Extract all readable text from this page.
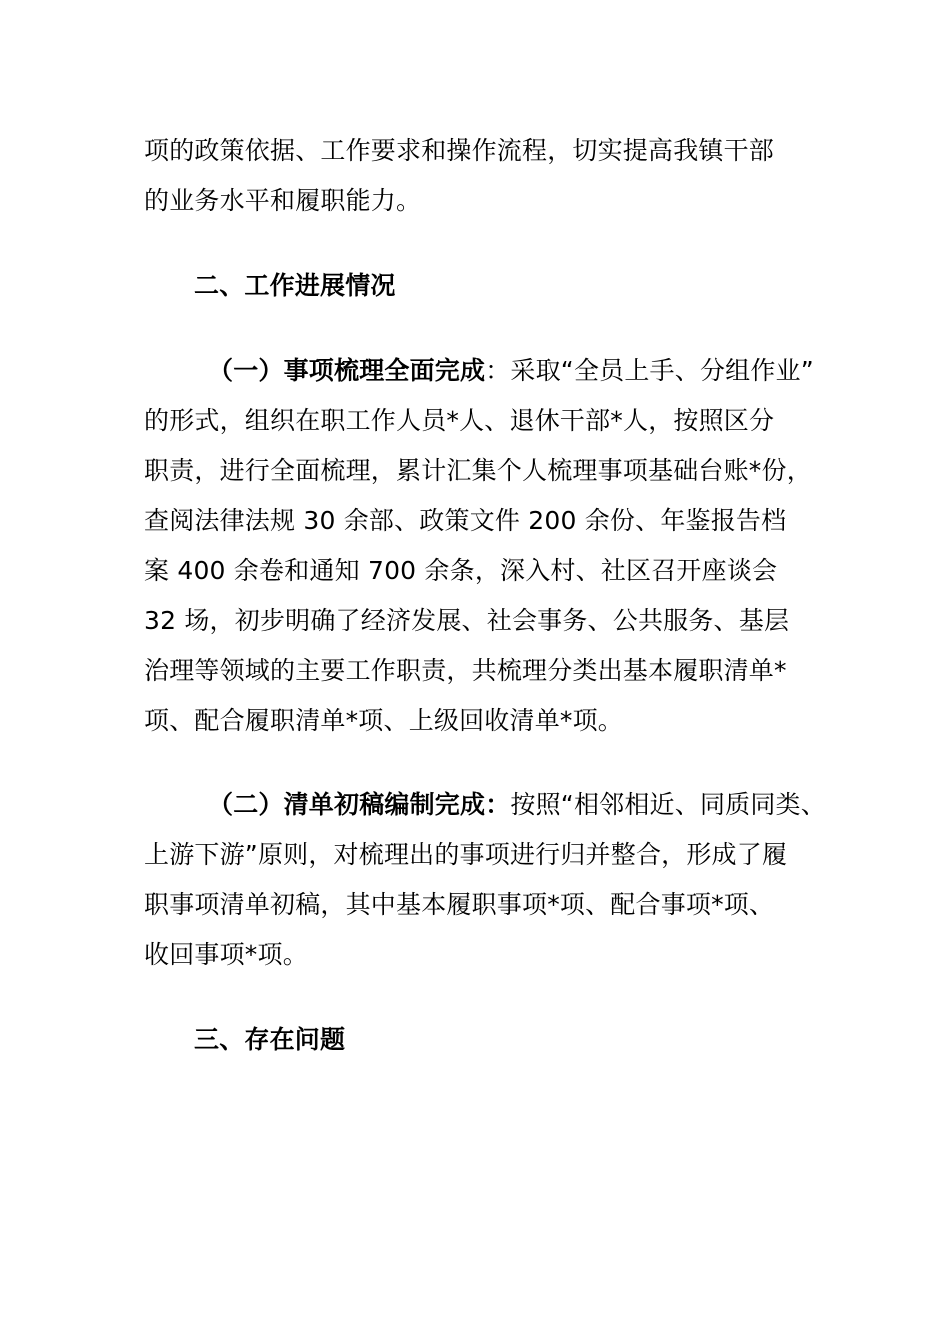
项的政策依据、工作要求和操作流程，切实提高我镇干部
的业务水平和履职能力。
二、工作进展情况
（一）事项梳理全面完成：采取“全员上手、分组作业”
的形式，组织在职工作人员*人、退休干部*人，按照区分
职责，进行全面梳理，累计汇集个人梳理事项基础台账*份，
查阅法律法规 30 余部、政策文件 200 余份、年鉴报告档
案 400 余卷和通知 700 余条，深入村、社区召开座谈会
32 场，初步明确了经济发展、社会事务、公共服务、基层
治理等领域的主要工作职责，共梳理分类出基本履职清单*
项、配合履职清单*项、上级回收清单*项。
（二）清单初稿编制完成：按照“相邻相近、同质同类、
上游下游”原则，对梳理出的事项进行归并整合，形成了履
职事项清单初稿，其中基本履职事项*项、配合事项*项、
收回事项*项。
三、存在问题
